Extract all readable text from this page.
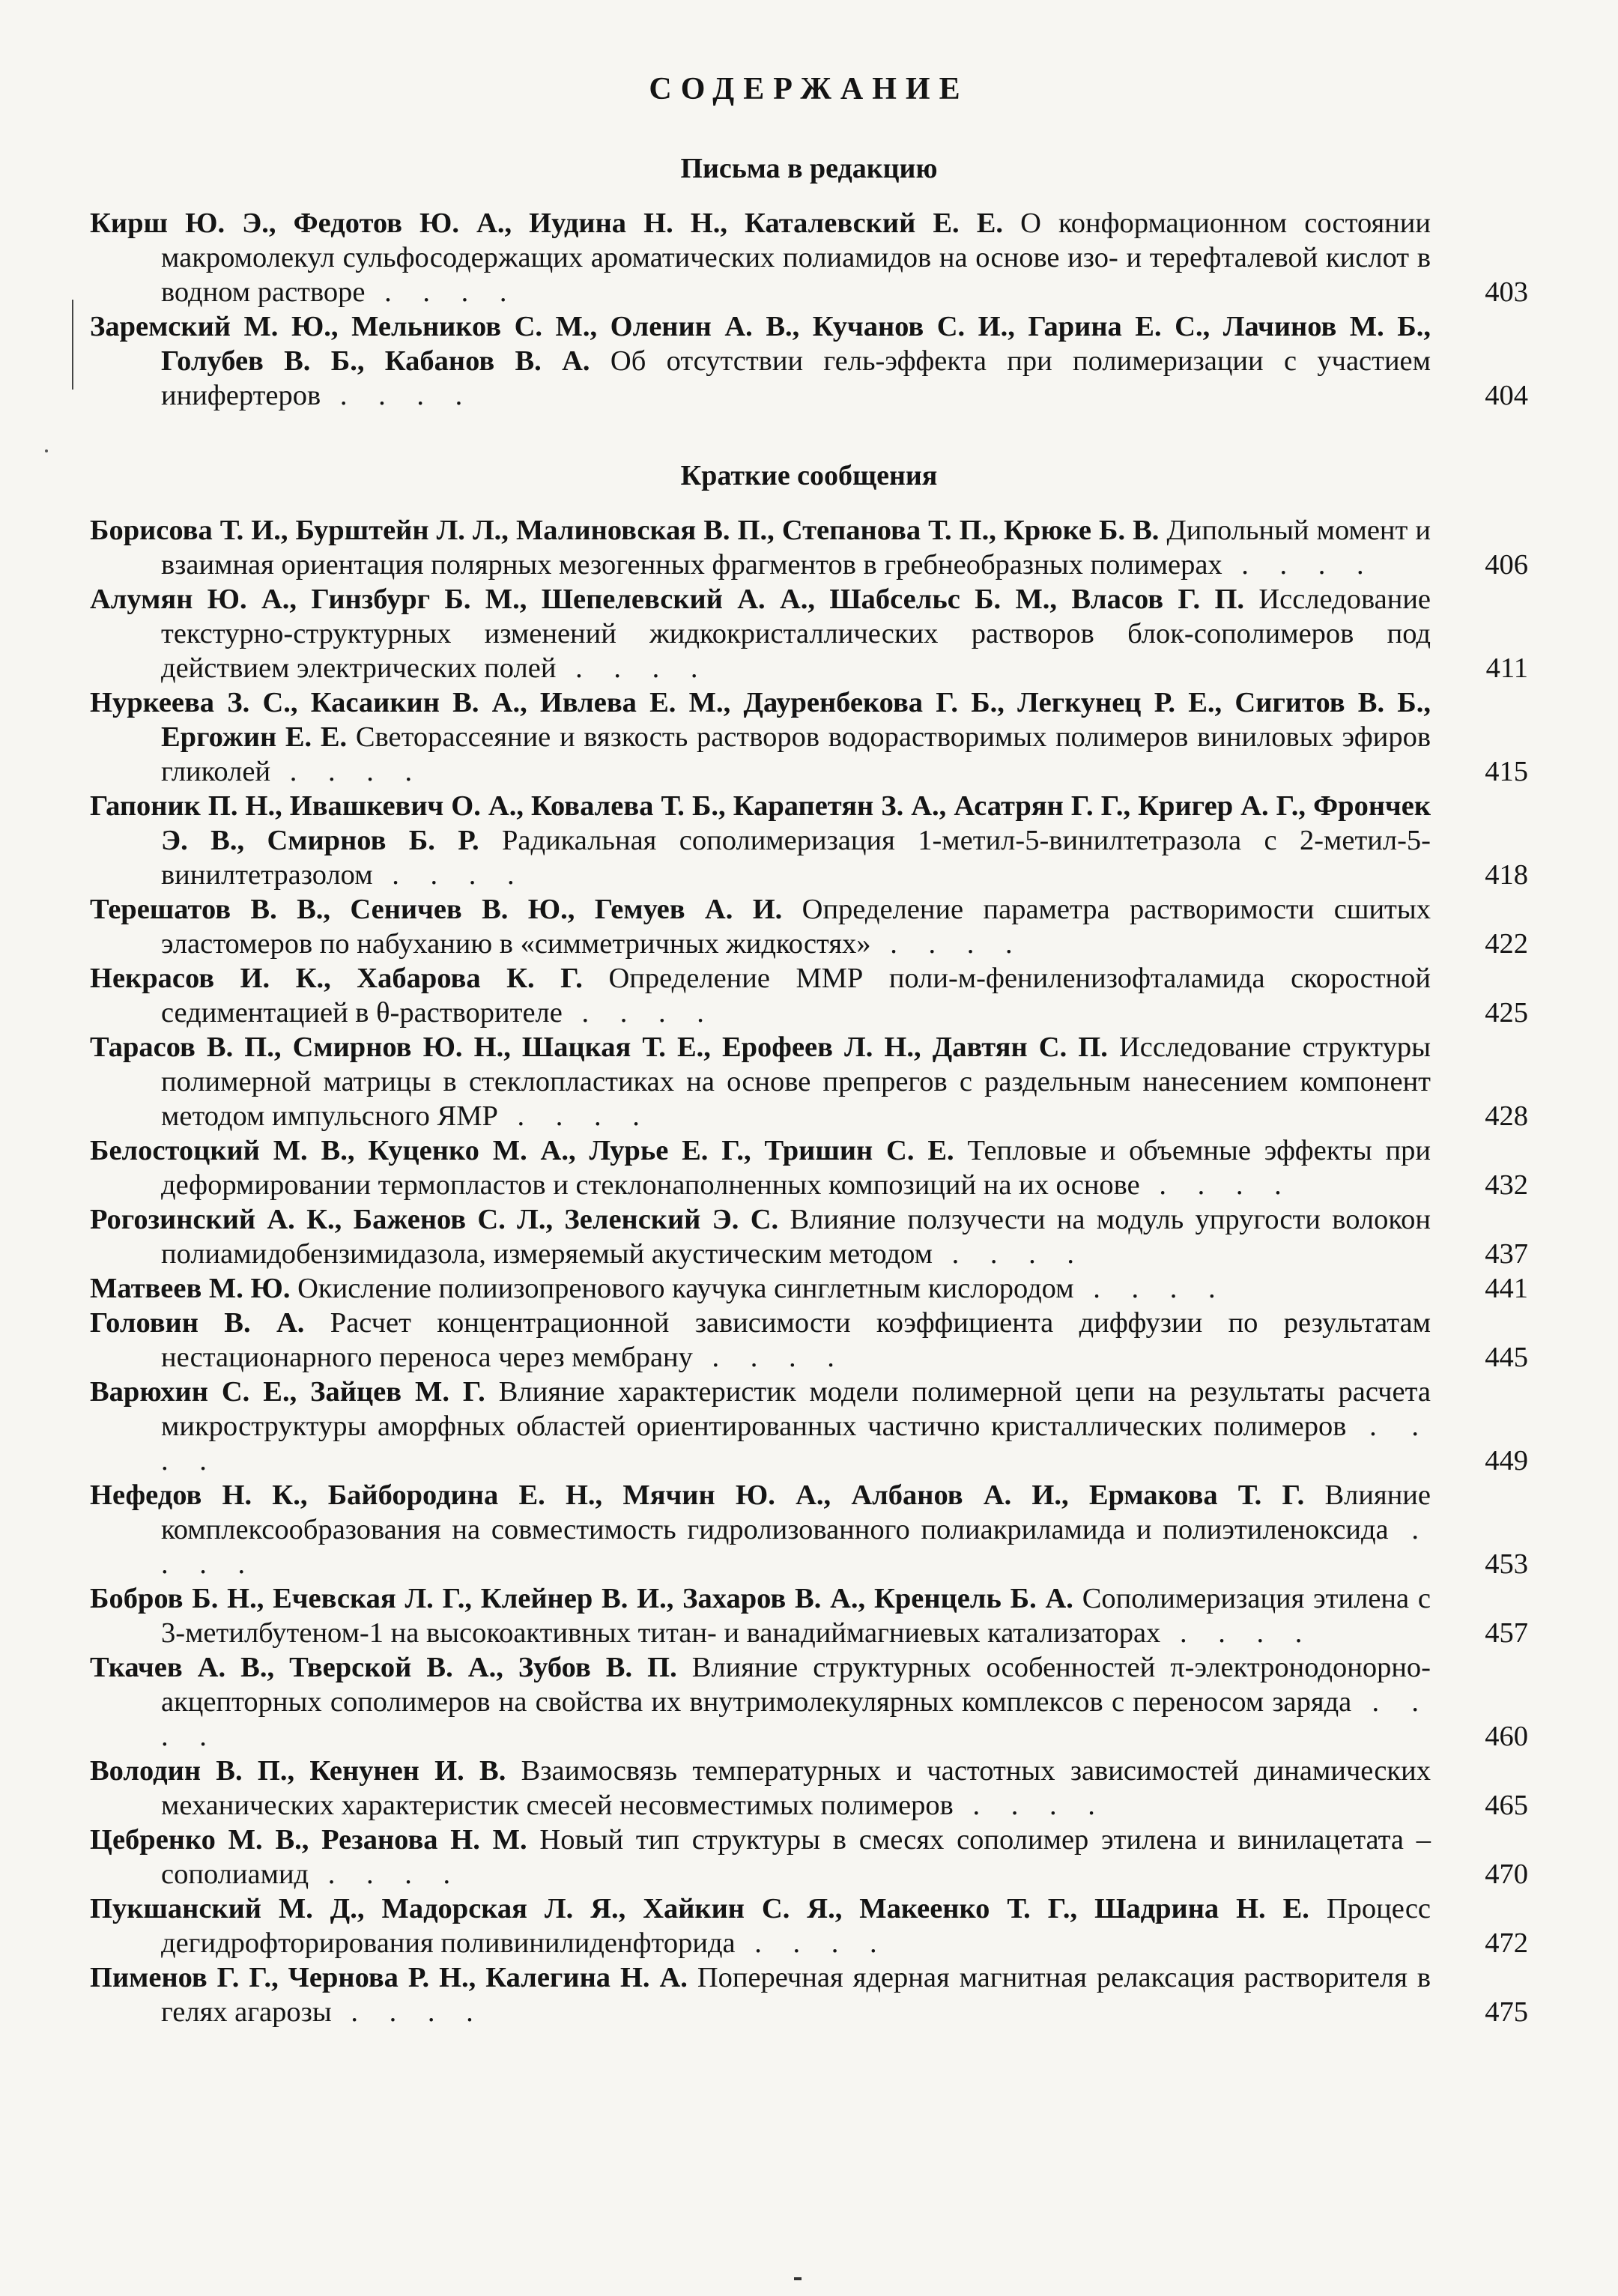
СОДЕРЖАНИЕ
Письма в редакцию
Кирш Ю. Э., Федотов Ю. А., Иудина Н. Н., Каталевский Е. Е. О конформационном состоянии макромолекул сульфосодержащих ароматических полиамидов на основе изо- и терефталевой кислот в водном растворе . . . .	403
Заремский М. Ю., Мельников С. М., Оленин А. В., Кучанов С. И., Гарина Е. С., Лачинов М. Б., Голубев В. Б., Кабанов В. А. Об отсутствии гель-эффекта при полимеризации с участием инифертеров . . . .	404
Краткие сообщения
Борисова Т. И., Бурштейн Л. Л., Малиновская В. П., Степанова Т. П., Крюке Б. В. Дипольный момент и взаимная ориентация полярных мезогенных фрагментов в гребнеобразных полимерах . . . .	406
Алумян Ю. А., Гинзбург Б. М., Шепелевский А. А., Шабсельс Б. М., Власов Г. П. Исследование текстурно-структурных изменений жидкокристаллических растворов блок-сополимеров под действием электрических полей . . . .	411
Нуркеева З. С., Касаикин В. А., Ивлева Е. М., Дауренбекова Г. Б., Легкунец Р. Е., Сигитов В. Б., Ергожин Е. Е. Светорассеяние и вязкость растворов водорастворимых полимеров виниловых эфиров гликолей . . . .	415
Гапоник П. Н., Ивашкевич О. А., Ковалева Т. Б., Карапетян З. А., Асатрян Г. Г., Кригер А. Г., Фрончек Э. В., Смирнов Б. Р. Радикальная сополимеризация 1-метил-5-винилтетразола с 2-метил-5-винилтетразолом . . . .	418
Терешатов В. В., Сеничев В. Ю., Гемуев А. И. Определение параметра растворимости сшитых эластомеров по набуханию в «симметричных жидкостях» . . . .	422
Некрасов И. К., Хабарова К. Г. Определение ММР поли-м-фениленизофталамида скоростной седиментацией в θ-растворителе . . . .	425
Тарасов В. П., Смирнов Ю. Н., Шацкая Т. Е., Ерофеев Л. Н., Давтян С. П. Исследование структуры полимерной матрицы в стеклопластиках на основе препрегов с раздельным нанесением компонент методом импульсного ЯМР . . . .	428
Белостоцкий М. В., Куценко М. А., Лурье Е. Г., Тришин С. Е. Тепловые и объемные эффекты при деформировании термопластов и стеклонаполненных композиций на их основе . . . .	432
Рогозинский А. К., Баженов С. Л., Зеленский Э. С. Влияние ползучести на модуль упругости волокон полиамидобензимидазола, измеряемый акустическим методом . . . .	437
Матвеев М. Ю. Окисление полиизопренового каучука синглетным кислородом . . . .	441
Головин В. А. Расчет концентрационной зависимости коэффициента диффузии по результатам нестационарного переноса через мембрану . . . .	445
Варюхин С. Е., Зайцев М. Г. Влияние характеристик модели полимерной цепи на результаты расчета микроструктуры аморфных областей ориентированных частично кристаллических полимеров . . . .	449
Нефедов Н. К., Байбородина Е. Н., Мячин Ю. А., Албанов А. И., Ермакова Т. Г. Влияние комплексообразования на совместимость гидролизованного полиакриламида и полиэтиленоксида . . . .	453
Бобров Б. Н., Ечевская Л. Г., Клейнер В. И., Захаров В. А., Кренцель Б. А. Сополимеризация этилена с 3-метилбутеном-1 на высокоактивных титан- и ванадиймагниевых катализаторах . . . .	457
Ткачев А. В., Тверской В. А., Зубов В. П. Влияние структурных особенностей π-электронодонорно-акцепторных сополимеров на свойства их внутримолекулярных комплексов с переносом заряда . . . .	460
Володин В. П., Кенунен И. В. Взаимосвязь температурных и частотных зависимостей динамических механических характеристик смесей несовместимых полимеров . . . .	465
Цебренко М. В., Резанова Н. М. Новый тип структуры в смесях сополимер этилена и винилацетата – сополиамид . . . .	470
Пукшанский М. Д., Мадорская Л. Я., Хайкин С. Я., Макеенко Т. Г., Шадрина Н. Е. Процесс дегидрофторирования поливинилиденфторида . . . .	472
Пименов Г. Г., Чернова Р. Н., Калегина Н. А. Поперечная ядерная магнитная релаксация растворителя в гелях агарозы . . . .	475
